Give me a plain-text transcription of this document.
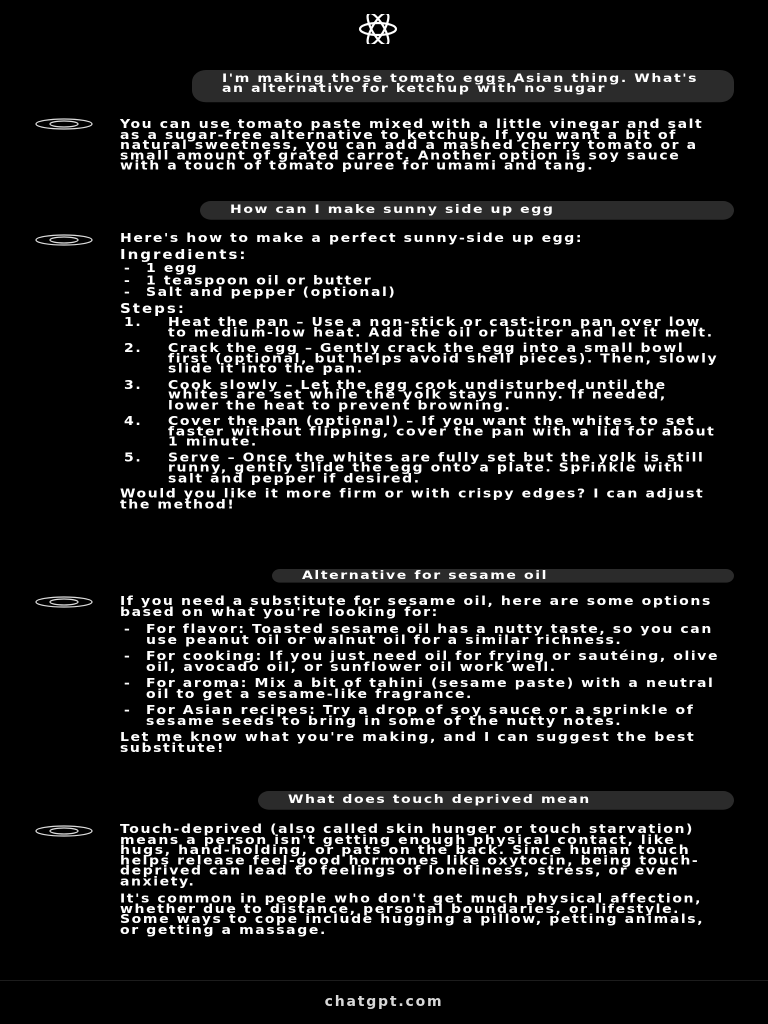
I'm making those tomato eggs Asian thing. What's an alternative for ketchup with no sugar

You can use tomato paste mixed with a little vinegar and salt as a sugar-free alternative to ketchup. If you want a bit of natural sweetness, you can add a mashed cherry tomato or a small amount of grated carrot. Another option is soy sauce with a touch of tomato puree for umami and tang.

How can I make sunny side up egg

Here's how to make a perfect sunny-side up egg:

Ingredients:
- 1 egg
- 1 teaspoon oil or butter
- Salt and pepper (optional)
Steps:
1. Heat the pan – Use a non-stick or cast-iron pan over low to medium-low heat. Add the oil or butter and let it melt.
2. Crack the egg – Gently crack the egg into a small bowl first (optional, but helps avoid shell pieces). Then, slowly slide it into the pan.
3. Cook slowly – Let the egg cook undisturbed until the whites are set while the yolk stays runny. If needed, lower the heat to prevent browning.
4. Cover the pan (optional) – If you want the whites to set faster without flipping, cover the pan with a lid for about 1 minute.
5. Serve – Once the whites are fully set but the yolk is still runny, gently slide the egg onto a plate. Sprinkle with salt and pepper if desired.

Would you like it more firm or with crispy edges? I can adjust the method!

Alternative for sesame oil

If you need a substitute for sesame oil, here are some options based on what you're looking for:

- For flavor: Toasted sesame oil has a nutty taste, so you can use peanut oil or walnut oil for a similar richness.
- For cooking: If you just need oil for frying or sautéing, olive oil, avocado oil, or sunflower oil work well.
- For aroma: Mix a bit of tahini (sesame paste) with a neutral oil to get a sesame-like fragrance.
- For Asian recipes: Try a drop of soy sauce or a sprinkle of sesame seeds to bring in some of the nutty notes.

Let me know what you're making, and I can suggest the best substitute!

What does touch deprived mean

Touch-deprived (also called skin hunger or touch starvation) means a person isn't getting enough physical contact, like hugs, hand-holding, or pats on the back. Since human touch helps release feel-good hormones like oxytocin, being touch-deprived can lead to feelings of loneliness, stress, or even anxiety.

It's common in people who don't get much physical affection, whether due to distance, personal boundaries, or lifestyle. Some ways to cope include hugging a pillow, petting animals, or getting a massage.

chatgpt.com
